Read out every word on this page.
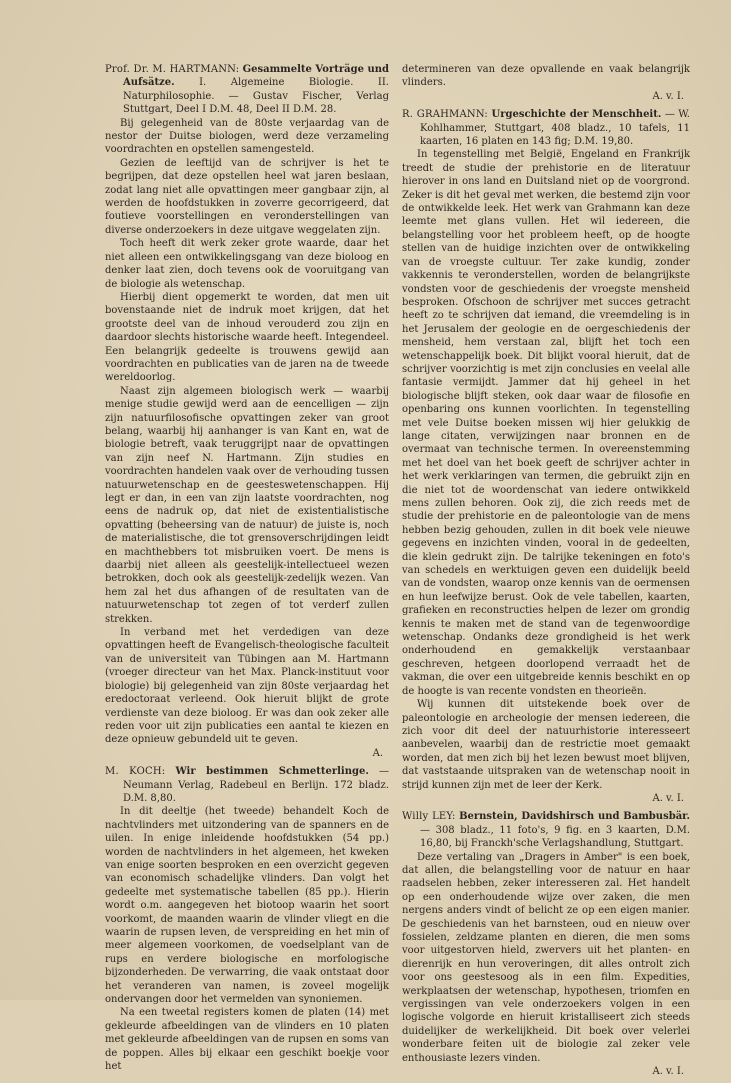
Prof. Dr. M. HARTMANN: Gesammelte Vorträge und Aufsätze. I. Algemeine Biologie. II. Naturphilosophie. — Gustav Fischer, Verlag Stuttgart, Deel I D.M. 48, Deel II D.M. 28.

Bij gelegenheid van de 80ste verjaardag van de nestor der Duitse biologen, werd deze verzameling voordrachten en opstellen samengesteld.

Gezien de leeftijd van de schrijver is het te begrijpen, dat deze opstellen heel wat jaren beslaan, zodat lang niet alle opvattingen meer gangbaar zijn, al werden de hoofdstukken in zoverre gecorrigeerd, dat foutieve voorstellingen en veronderstellingen van diverse onderzoekers in deze uitgave weggelaten zijn.

Toch heeft dit werk zeker grote waarde, daar het niet alleen een ontwikkelingsgang van deze bioloog en denker laat zien, doch tevens ook de vooruitgang van de biologie als wetenschap.

Hierbij dient opgemerkt te worden, dat men uit bovenstaande niet de indruk moet krijgen, dat het grootste deel van de inhoud verouderd zou zijn en daardoor slechts historische waarde heeft. Integendeel. Een belangrijk gedeelte is trouwens gewijd aan voordrachten en publicaties van de jaren na de tweede wereldoorlog.

Naast zijn algemeen biologisch werk — waarbij menige studie gewijd werd aan de eencelligen — zijn zijn natuurfilosofische opvattingen zeker van groot belang, waarbij hij aanhanger is van Kant en, wat de biologie betreft, vaak teruggrijpt naar de opvattingen van zijn neef N. Hartmann. Zijn studies en voordrachten handelen vaak over de verhouding tussen natuurwetenschap en de geesteswetenschappen. Hij legt er dan, in een van zijn laatste voordrachten, nog eens de nadruk op, dat niet de existentialistische opvatting (beheersing van de natuur) de juiste is, noch de materialistische, die tot grensoverschrijdingen leidt en machthebbers tot misbruiken voert. De mens is daarbij niet alleen als geestelijk-intellectueel wezen betrokken, doch ook als geestelijk-zedelijk wezen. Van hem zal het dus afhangen of de resultaten van de natuurwetenschap tot zegen of tot verderf zullen strekken.

In verband met het verdedigen van deze opvattingen heeft de Evangelisch-theologische faculteit van de universiteit van Tübingen aan M. Hartmann (vroeger directeur van het Max. Planck-instituut voor biologie) bij gelegenheid van zijn 80ste verjaardag het eredoctoraat verleend. Ook hieruit blijkt de grote verdienste van deze bioloog. Er was dan ook zeker alle reden voor uit zijn publicaties een aantal te kiezen en deze opnieuw gebundeld uit te geven.

A.

M. KOCH: Wir bestimmen Schmetterlinge. — Neumann Verlag, Radebeul en Berlijn. 172 bladz. D.M. 8,80.

In dit deeltje (het tweede) behandelt Koch de nachtvlinders met uitzondering van de spanners en de uilen. In enige inleidende hoofdstukken (54 pp.) worden de nachtvlinders in het algemeen, het kweken van enige soorten besproken en een overzicht gegeven van economisch schadelijke vlinders. Dan volgt het gedeelte met systematische tabellen (85 pp.). Hierin wordt o.m. aangegeven het biotoop waarin het soort voorkomt, de maanden waarin de vlinder vliegt en die waarin de rupsen leven, de verspreiding en het min of meer algemeen voorkomen, de voedselplant van de rups en verdere biologische en morfologische bijzonderheden. De verwarring, die vaak ontstaat door het veranderen van namen, is zoveel mogelijk ondervangen door het vermelden van synoniemen.

Na een tweetal registers komen de platen (14) met gekleurde afbeeldingen van de vlinders en 10 platen met gekleurde afbeeldingen van de rupsen en soms van de poppen. Alles bij elkaar een geschikt boekje voor het

determineren van deze opvallende en vaak belangrijk vlinders.

A. v. I.

R. GRAHMANN: Urgeschichte der Menschheit. — W. Kohlhammer, Stuttgart, 408 bladz., 10 tafels, 11 kaarten, 16 platen en 143 fig; D.M. 19,80.

In tegenstelling met België, Engeland en Frankrijk treedt de studie der prehistorie en de literatuur hierover in ons land en Duitsland niet op de voorgrond. Zeker is dit het geval met werken, die bestemd zijn voor de ontwikkelde leek. Het werk van Grahmann kan deze leemte met glans vullen. Het wil iedereen, die belangstelling voor het probleem heeft, op de hoogte stellen van de huidige inzichten over de ontwikkeling van de vroegste cultuur. Ter zake kundig, zonder vakkennis te veronderstellen, worden de belangrijkste vondsten voor de geschiedenis der vroegste mensheid besproken. Ofschoon de schrijver met succes getracht heeft zo te schrijven dat iemand, die vreemdeling is in het Jerusalem der geologie en de oergeschiedenis der mensheid, hem verstaan zal, blijft het toch een wetenschappelijk boek. Dit blijkt vooral hieruit, dat de schrijver voorzichtig is met zijn conclusies en veelal alle fantasie vermijdt. Jammer dat hij geheel in het biologische blijft steken, ook daar waar de filosofie en openbaring ons kunnen voorlichten. In tegenstelling met vele Duitse boeken missen wij hier gelukkig de lange citaten, verwijzingen naar bronnen en de overmaat van technische termen. In overeenstemming met het doel van het boek geeft de schrijver achter in het werk verklaringen van termen, die gebruikt zijn en die niet tot de woordenschat van iedere ontwikkeld mens zullen behoren. Ook zij, die zich reeds met de studie der prehistorie en de paleontologie van de mens hebben bezig gehouden, zullen in dit boek vele nieuwe gegevens en inzichten vinden, vooral in de gedeelten, die klein gedrukt zijn. De talrijke tekeningen en foto's van schedels en werktuigen geven een duidelijk beeld van de vondsten, waarop onze kennis van de oermensen en hun leefwijze berust. Ook de vele tabellen, kaarten, grafieken en reconstructies helpen de lezer om grondig kennis te maken met de stand van de tegenwoordige wetenschap. Ondanks deze grondigheid is het werk onderhoudend en gemakkelijk verstaanbaar geschreven, hetgeen doorlopend verraadt het de vakman, die over een uitgebreide kennis beschikt en op de hoogte is van recente vondsten en theorieën.

Wij kunnen dit uitstekende boek over de paleontologie en archeologie der mensen iedereen, die zich voor dit deel der natuurhistorie interesseert aanbevelen, waarbij dan de restrictie moet gemaakt worden, dat men zich bij het lezen bewust moet blijven, dat vaststaande uitspraken van de wetenschap nooit in strijd kunnen zijn met de leer der Kerk.

A. v. I.

Willy LEY: Bernstein, Davidshirsch und Bambusbär. — 308 bladz., 11 foto's, 9 fig. en 3 kaarten, D.M. 16,80, bij Franckh'sche Verlagshandlung, Stuttgart.

Deze vertaling van „Dragers in Amber" is een boek, dat allen, die belangstelling voor de natuur en haar raadselen hebben, zeker interesseren zal. Het handelt op een onderhoudende wijze over zaken, die men nergens anders vindt of belicht ze op een eigen manier. De geschiedenis van het barnsteen, oud en nieuw over fossielen, zeldzame planten en dieren, die men soms voor uitgestorven hield, zwervers uit het planten- en dierenrijk en hun veroveringen, dit alles ontrolt zich voor ons geestesoog als in een film. Expedities, werkplaatsen der wetenschap, hypothesen, triomfen en vergissingen van vele onderzoekers volgen in een logische volgorde en hieruit kristalliseert zich steeds duidelijker de werkelijkheid. Dit boek over velerlei wonderbare feiten uit de biologie zal zeker vele enthousiaste lezers vinden.

A. v. I.
